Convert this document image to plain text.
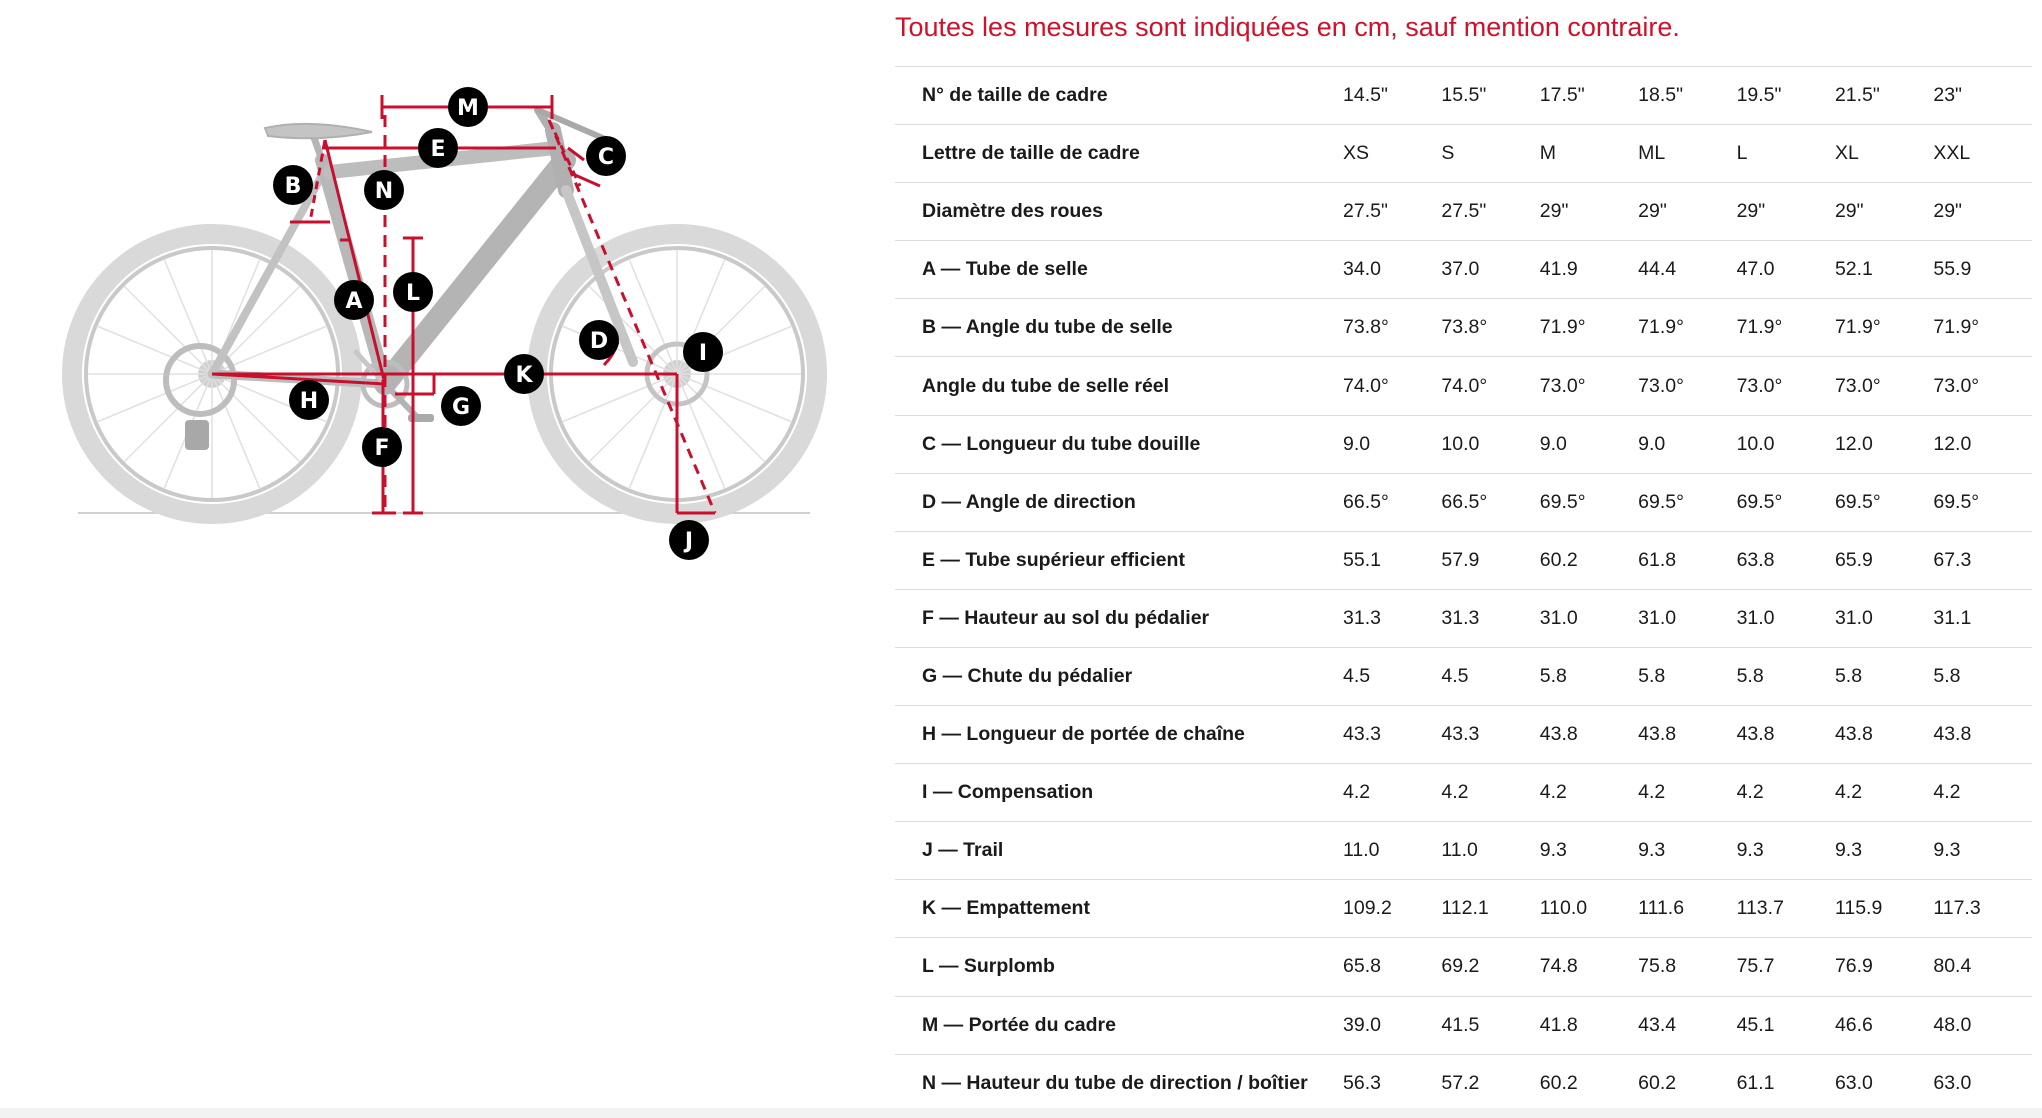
M
E	C
B	N
A L
D	I
K
H	G
F
J
Toutes les mesures sont indiquées en cm, sauf mention contraire.
N° de taille de cadre	14.5"	15.5"	17.5"	18.5"	19.5"	21.5"	23"
Lettre de taille de cadre	XS	S	M	ML	L	XL	XXL
Diamètre des roues	27.5"	27.5"	29"	29"	29"	29"	29"
A — Tube de selle	34.0	37.0	41.9	44.4	47.0	52.1	55.9
B — Angle du tube de selle	73.8°	73.8°	71.9°	71.9°	71.9°	71.9°	71.9°
Angle du tube de selle réel	74.0°	74.0°	73.0°	73.0°	73.0°	73.0°	73.0°
C — Longueur du tube douille	9.0	10.0	9.0	9.0	10.0	12.0	12.0
D — Angle de direction	66.5°	66.5°	69.5°	69.5°	69.5°	69.5°	69.5°
E — Tube supérieur efficient	55.1	57.9	60.2	61.8	63.8	65.9	67.3
F — Hauteur au sol du pédalier	31.3	31.3	31.0	31.0	31.0	31.0	31.1
G — Chute du pédalier	4.5	4.5	5.8	5.8	5.8	5.8	5.8
H — Longueur de portée de chaîne	43.3	43.3	43.8	43.8	43.8	43.8	43.8
I — Compensation	4.2	4.2	4.2	4.2	4.2	4.2	4.2
J — Trail	11.0	11.0	9.3	9.3	9.3	9.3	9.3
K — Empattement	109.2	112.1	110.0	111.6	113.7	115.9	117.3
L — Surplomb	65.8	69.2	74.8	75.8	75.7	76.9	80.4
M — Portée du cadre	39.0	41.5	41.8	43.4	45.1	46.6	48.0
N — Hauteur du tube de direction / boîtier	56.3	57.2	60.2	60.2	61.1	63.0	63.0
